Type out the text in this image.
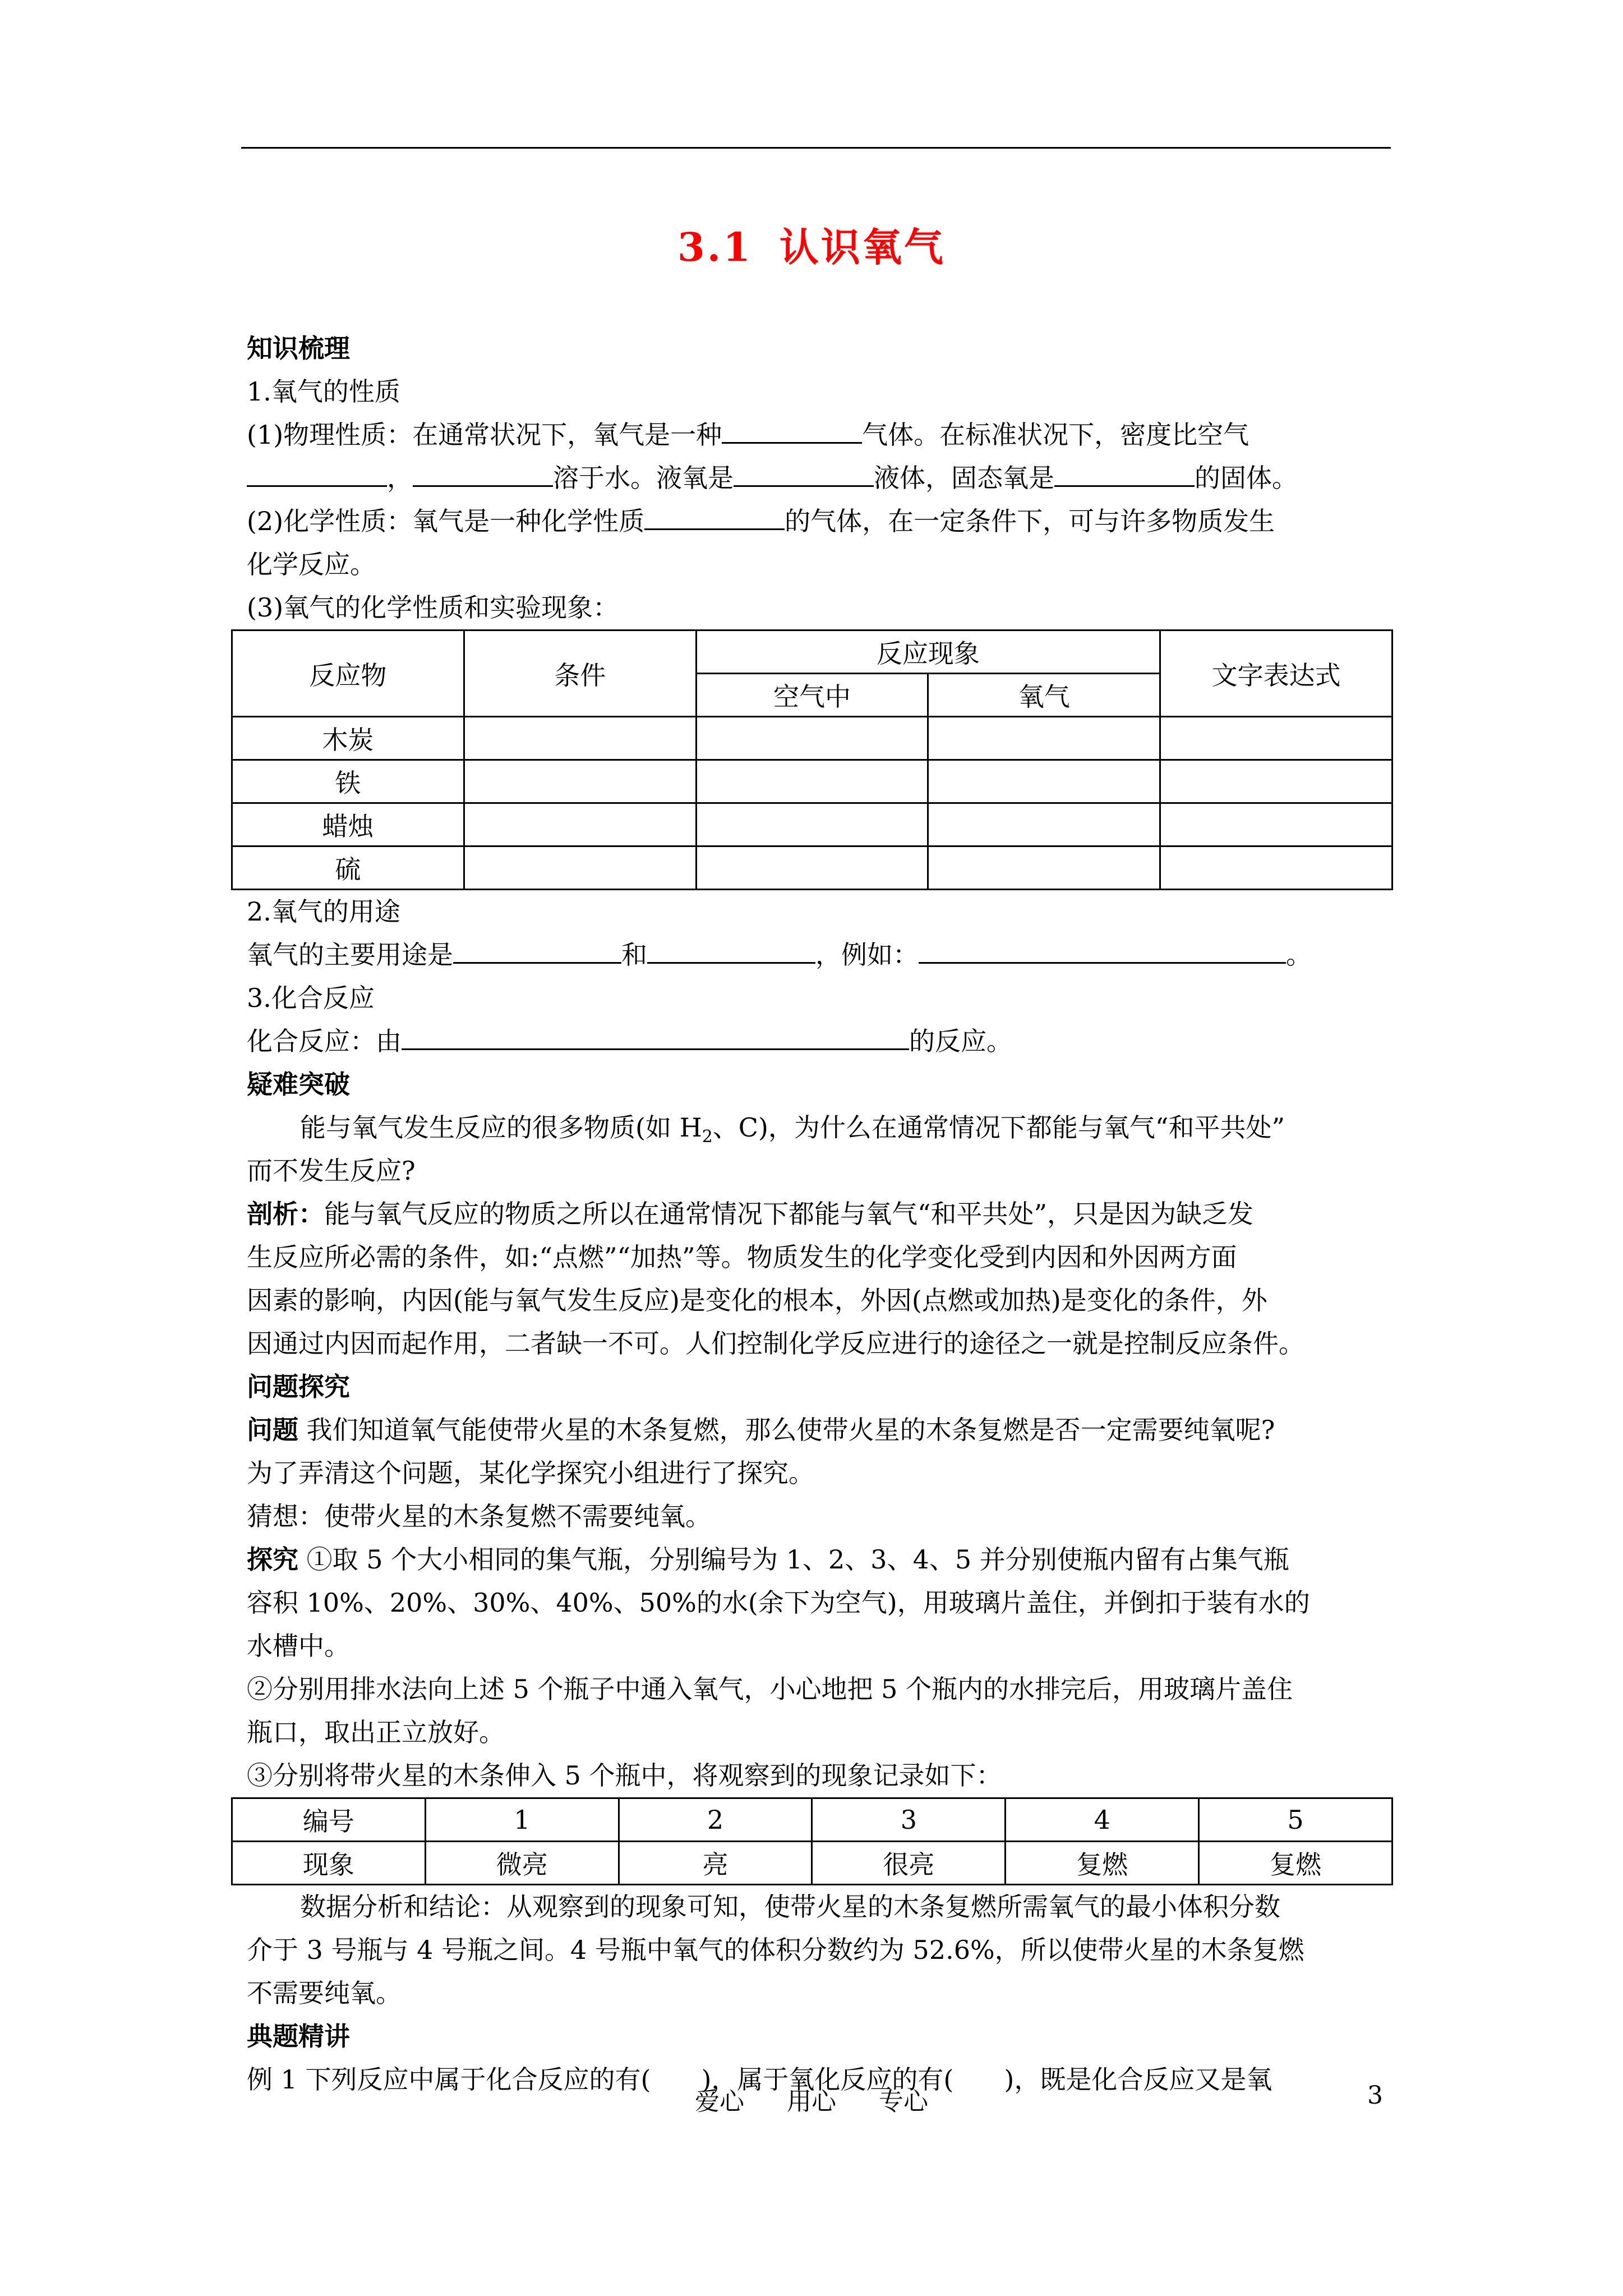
3.1 认识氧气
知识梳理
1.氧气的性质
(1)物理性质：在通常状况下，氧气是一种	气体。在标准状况下，密度比空气
，	溶于水。液氧是	液体，固态氧是	的固体。
(2)化学性质：氧气是一种化学性质	的气体，在一定条件下，可与许多物质发生
化学反应。
(3)氧气的化学性质和实验现象：
反应物	条件	反应现象		文字表达式
		空气中	氧气	
木炭				
铁				
蜡烛				
硫				
2.氧气的用途
氧气的主要用途是	和	，例如：	。
3.化合反应
化合反应：由	的反应。
疑难突破
能与氧气发生反应的很多物质(如 $H_2$、C)，为什么在通常情况下都能与氧气“和平共处”
而不发生反应?
剖析：能与氧气反应的物质之所以在通常情况下都能与氧气“和平共处”，只是因为缺乏发
生反应所必需的条件，如:“点燃”“加热”等。物质发生的化学变化受到内因和外因两方面
因素的影响，内因(能与氧气发生反应)是变化的根本，外因(点燃或加热)是变化的条件，外
因通过内因而起作用，二者缺一不可。人们控制化学反应进行的途径之一就是控制反应条件。
问题探究
问题 我们知道氧气能使带火星的木条复燃，那么使带火星的木条复燃是否一定需要纯氧呢?
为了弄清这个问题，某化学探究小组进行了探究。
猜想：使带火星的木条复燃不需要纯氧。
探究 ①取 5 个大小相同的集气瓶，分别编号为 1、2、3、4、5 并分别使瓶内留有占集气瓶
容积 10%、20%、30%、40%、50%的水(余下为空气)，用玻璃片盖住，并倒扣于装有水的
水槽中。
②分别用排水法向上述 5 个瓶子中通入氧气，小心地把 5 个瓶内的水排完后，用玻璃片盖住
瓶口，取出正立放好。
③分别将带火星的木条伸入 5 个瓶中，将观察到的现象记录如下：
编号	1	2	3	4	5
现象	微亮	亮	很亮	复燃	复燃
数据分析和结论：从观察到的现象可知，使带火星的木条复燃所需氧气的最小体积分数
介于 3 号瓶与 4 号瓶之间。4 号瓶中氧气的体积分数约为 52.6%，所以使带火星的木条复燃
不需要纯氧。
典题精讲
例 1 下列反应中属于化合反应的有( )，属于氧化反应的有( )，既是化合反应又是氧
爱心 用心 专心	3
